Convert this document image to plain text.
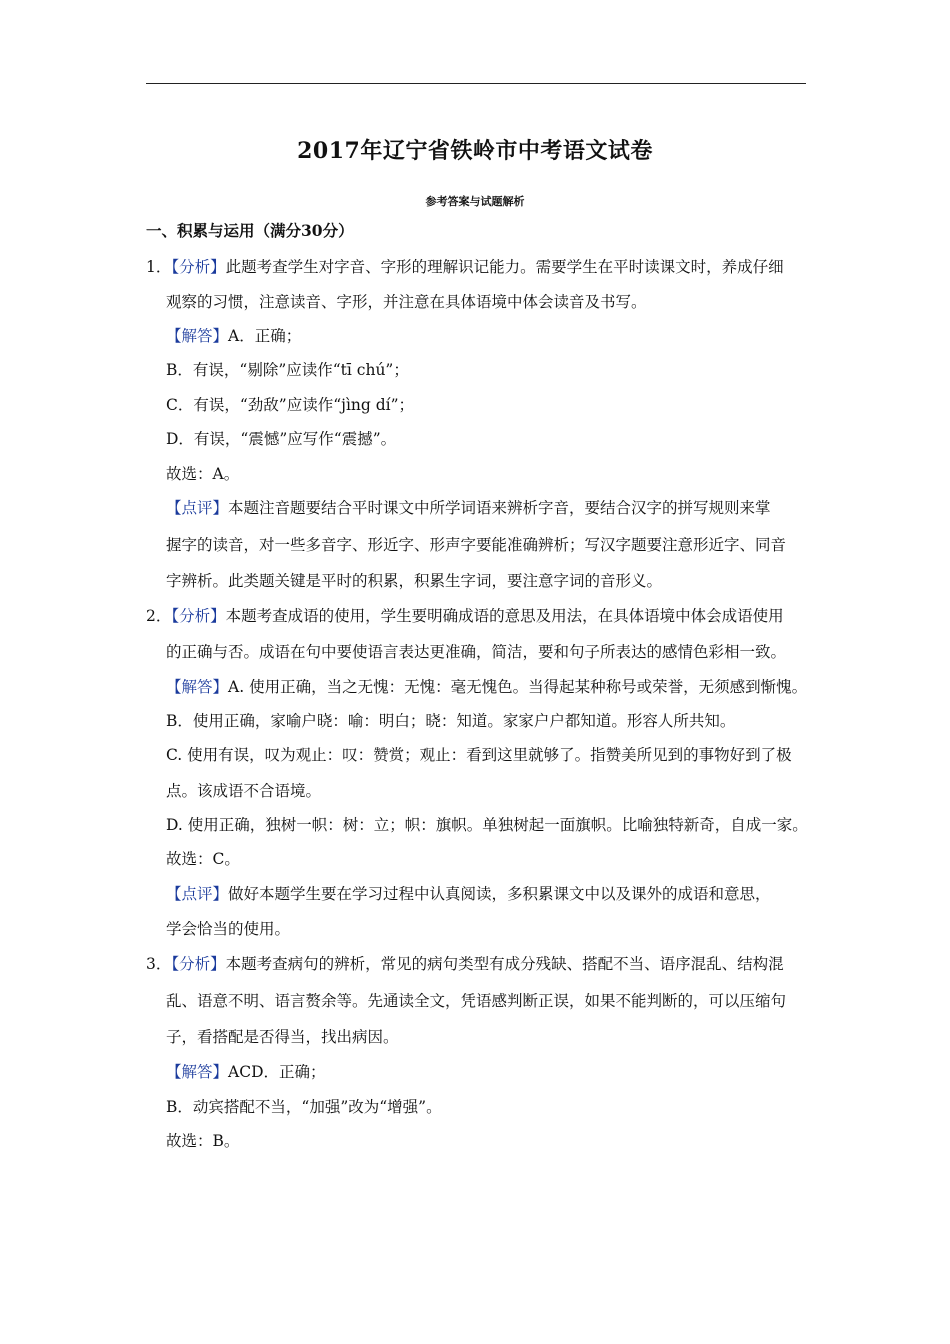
2017年辽宁省铁岭市中考语文试卷
参考答案与试题解析
一、积累与运用（满分30分）
1．【分析】此题考查学生对字音、字形的理解识记能力。需要学生在平时读课文时，养成仔细
观察的习惯，注意读音、字形，并注意在具体语境中体会读音及书写。
【解答】A．正确；
B．有误，“剔除”应读作“tī chú”；
C．有误，“劲敌”应读作“jìng dí”；
D．有误，“震憾”应写作“震撼”。
故选：A。
【点评】本题注音题要结合平时课文中所学词语来辨析字音，要结合汉字的拼写规则来掌
握字的读音，对一些多音字、形近字、形声字要能准确辨析；写汉字题要注意形近字、同音
字辨析。此类题关键是平时的积累，积累生字词，要注意字词的音形义。
2．【分析】本题考查成语的使用，学生要明确成语的意思及用法，在具体语境中体会成语使用
的正确与否。成语在句中要使语言表达更准确，简洁，要和句子所表达的感情色彩相一致。
【解答】A. 使用正确，当之无愧：无愧：毫无愧色。当得起某种称号或荣誉，无须感到惭愧。
B．使用正确，家喻户晓：喻：明白；晓：知道。家家户户都知道。形容人所共知。
C. 使用有误，叹为观止：叹：赞赏；观止：看到这里就够了。指赞美所见到的事物好到了极
点。该成语不合语境。
D. 使用正确，独树一帜：树：立；帜：旗帜。单独树起一面旗帜。比喻独特新奇，自成一家。
故选：C。
【点评】做好本题学生要在学习过程中认真阅读，多积累课文中以及课外的成语和意思，
学会恰当的使用。
3．【分析】本题考查病句的辨析，常见的病句类型有成分残缺、搭配不当、语序混乱、结构混
乱、语意不明、语言赘余等。先通读全文，凭语感判断正误，如果不能判断的，可以压缩句
子，看搭配是否得当，找出病因。
【解答】ACD．正确；
B．动宾搭配不当，“加强”改为“增强”。
故选：B。
